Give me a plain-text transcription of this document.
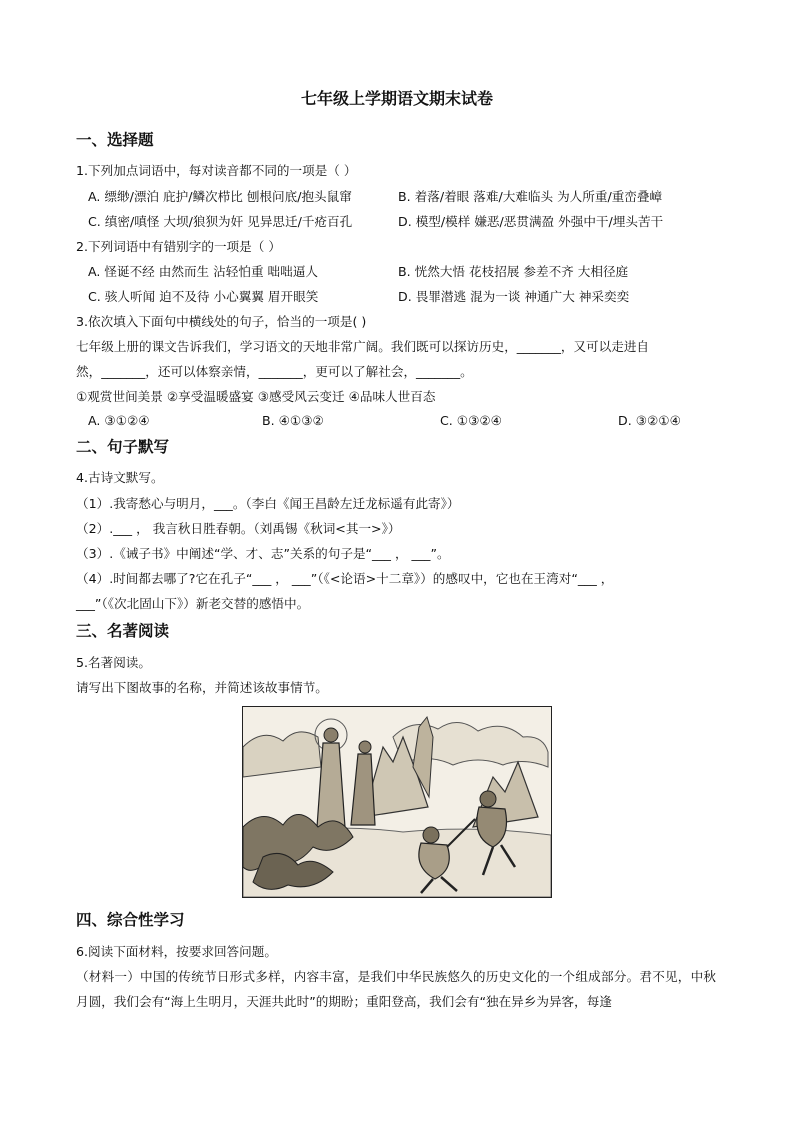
七年级上学期语文期末试卷
一、选择题
1.下列加点词语中，每对读音都不同的一项是（ ）
A. 缥缈/漂泊 庇护/鳞次栉比 刨根问底/抱头鼠窜	B. 着落/着眼 落难/大难临头 为人所重/重峦叠嶂
C. 缜密/嗔怪 大坝/狼狈为奸 见异思迁/千疮百孔	D. 模型/模样 嫌恶/恶贯满盈 外强中干/埋头苦干
2.下列词语中有错别字的一项是（ ）
A. 怪诞不经 由然而生 沾轻怕重 咄咄逼人	B. 恍然大悟 花枝招展 参差不齐 大相径庭
C. 骇人听闻 迫不及待 小心翼翼 眉开眼笑	D. 畏罪潜逃 混为一谈 神通广大 神采奕奕
3.依次填入下面句中横线处的句子，恰当的一项是( )
七年级上册的课文告诉我们，学习语文的天地非常广阔。我们既可以探访历史，_______，又可以走进自
然，_______，还可以体察亲情，_______，更可以了解社会，_______。
①观赏世间美景 ②享受温暖盛宴 ③感受风云变迁 ④品味人世百态
A. ③①②④	B. ④①③②	C. ①③②④	D. ③②①④
二、句子默写
4.古诗文默写。
（1）.我寄愁心与明月，___。（李白《闻王昌龄左迁龙标遥有此寄》）
（2）.___ ， 我言秋日胜春朝。（刘禹锡《秋词<其一>》）
（3）.《诫子书》中阐述“学、才、志”关系的句子是“___ ， ___”。
（4）.时间都去哪了?它在孔子“___ ， ___”（《<论语>十二章》）的感叹中，它也在王湾对“___ ，
___”（《次北固山下》）新老交替的感悟中。
三、名著阅读
5.名著阅读。
请写出下图故事的名称，并简述该故事情节。
四、综合性学习
6.阅读下面材料，按要求回答问题。
（材料一）中国的传统节日形式多样，内容丰富，是我们中华民族悠久的历史文化的一个组成部分。君不见，中秋月圆，我们会有“海上生明月，天涯共此时”的期盼；重阳登高，我们会有“独在异乡为异客，每逢
